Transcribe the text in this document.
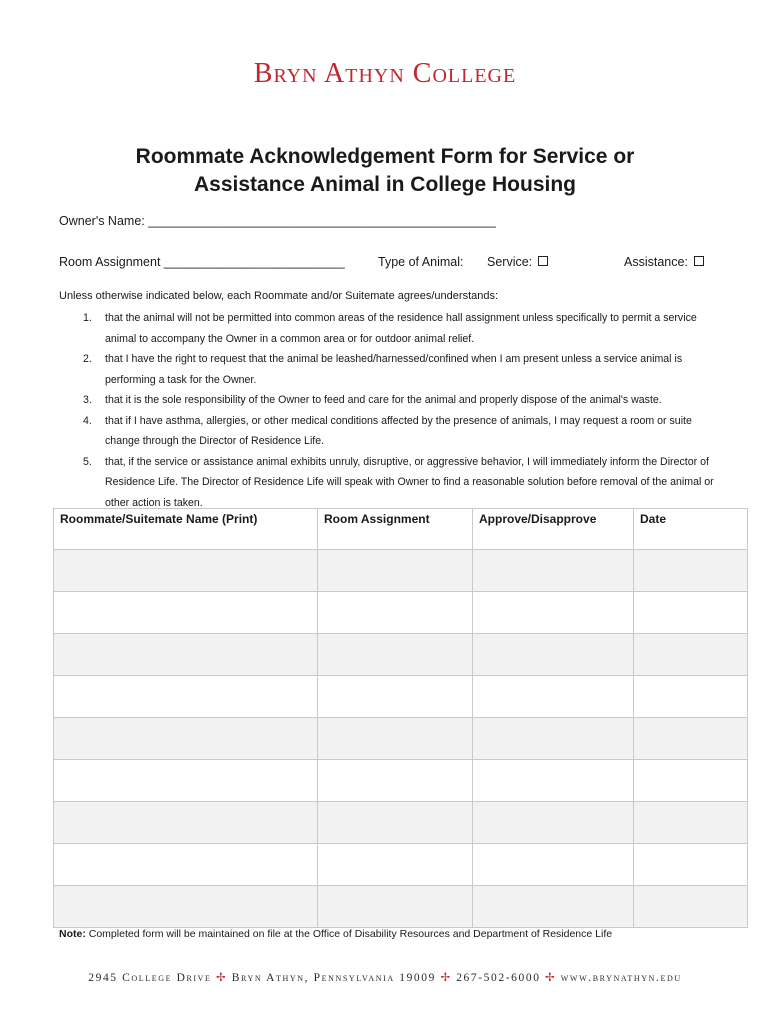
Bryn Athyn College
Roommate Acknowledgement Form for Service or
Assistance Animal in College Housing
Owner's Name: __________________________________________________
Room Assignment __________________________	Type of Animal: Service:	Assistance:
Unless otherwise indicated below, each Roommate and/or Suitemate agrees/understands:
1. that the animal will not be permitted into common areas of the residence hall assignment unless specifically to permit a service animal to accompany the Owner in a common area or for outdoor animal relief.
2. that I have the right to request that the animal be leashed/harnessed/confined when I am present unless a service animal is performing a task for the Owner.
3. that it is the sole responsibility of the Owner to feed and care for the animal and properly dispose of the animal's waste.
4. that if I have asthma, allergies, or other medical conditions affected by the presence of animals, I may request a room or suite change through the Director of Residence Life.
5. that, if the service or assistance animal exhibits unruly, disruptive, or aggressive behavior, I will immediately inform the Director of Residence Life. The Director of Residence Life will speak with Owner to find a reasonable solution before removal of the animal or other action is taken.
Roommate/Suitemate Name (Print)	Room Assignment	Approve/Disapprove	Date

Note: Completed form will be maintained on file at the Office of Disability Resources and Department of Residence Life
2945 College Drive ✢ Bryn Athyn, Pennsylvania 19009 ✢ 267-502-6000 ✢ www.brynathyn.edu
